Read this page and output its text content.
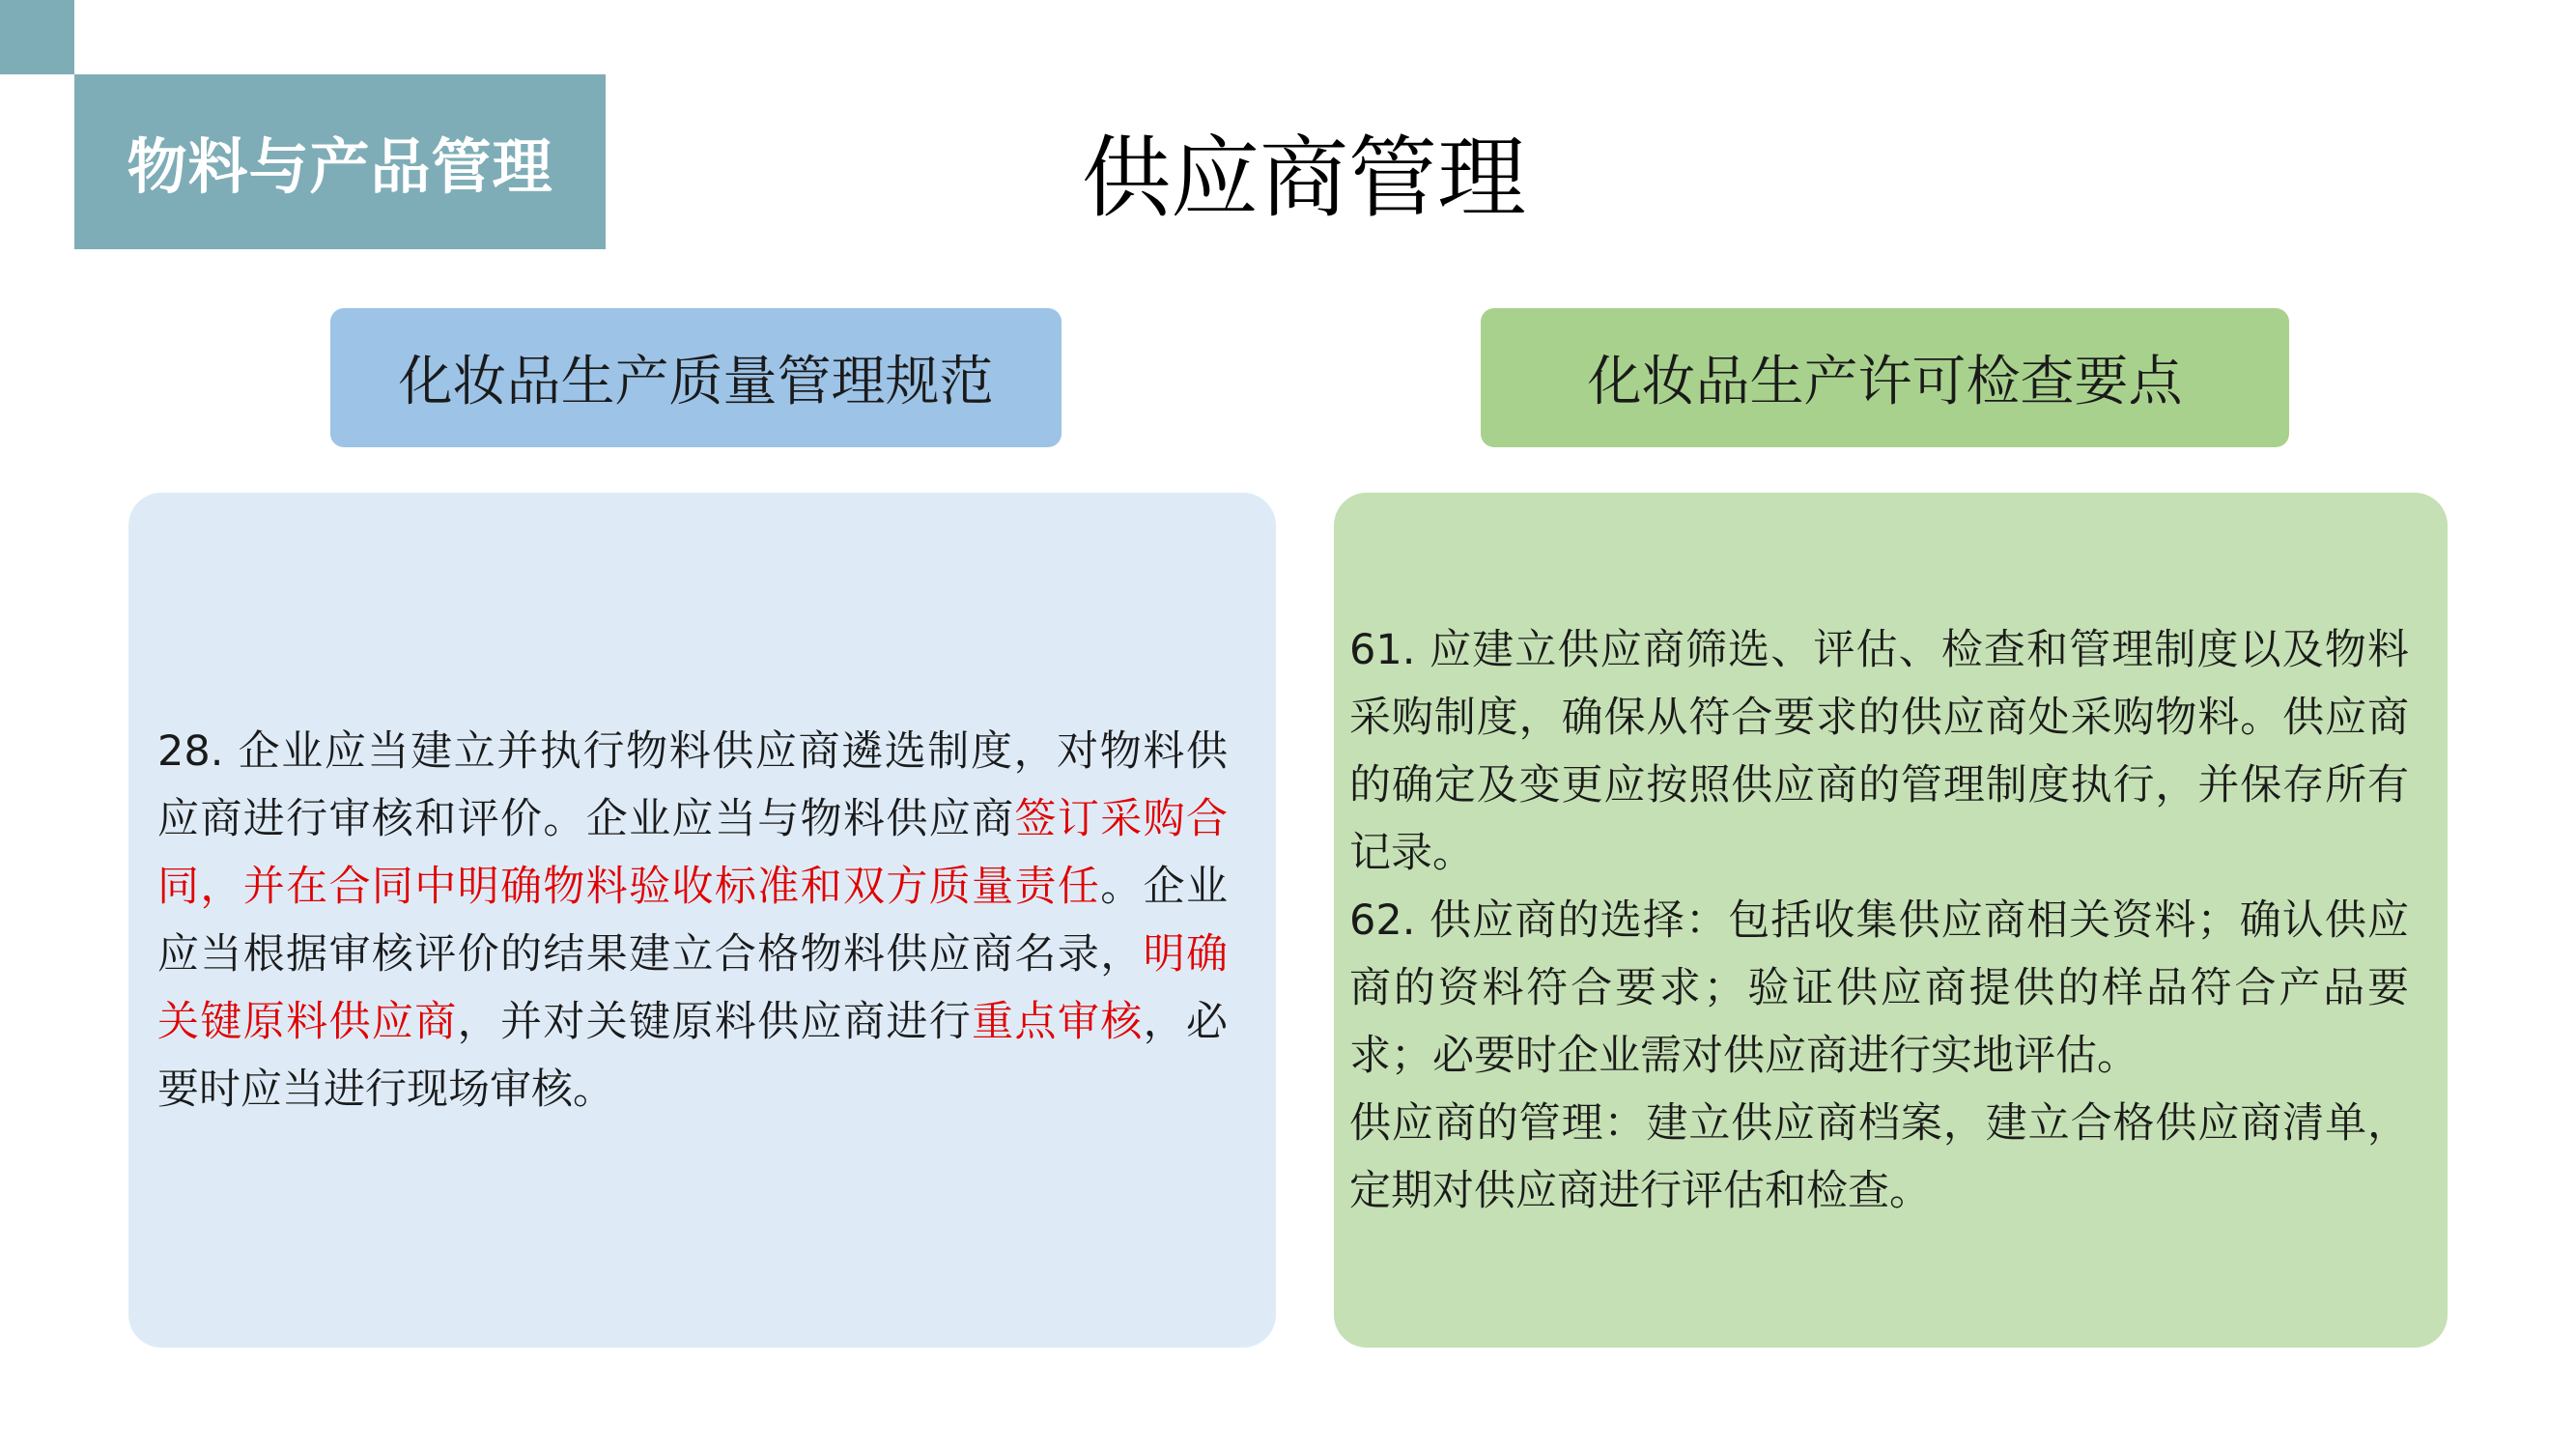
物料与产品管理	供应商管理
化妆品生产质量管理规范	化妆品生产许可检查要点

28. 企业应当建立并执行物料供应商遴选制度，对物料供应商进行审核和评价。企业应当与物料供应商签订采购合同，并在合同中明确物料验收标准和双方质量责任。企业应当根据审核评价的结果建立合格物料供应商名录，明确关键原料供应商，并对关键原料供应商进行重点审核，必要时应当进行现场审核。

61. 应建立供应商筛选、评估、检查和管理制度以及物料采购制度，确保从符合要求的供应商处采购物料。供应商的确定及变更应按照供应商的管理制度执行，并保存所有记录。

62. 供应商的选择：包括收集供应商相关资料；确认供应商的资料符合要求；验证供应商提供的样品符合产品要求；必要时企业需对供应商进行实地评估。

供应商的管理：建立供应商档案，建立合格供应商清单，定期对供应商进行评估和检查。
